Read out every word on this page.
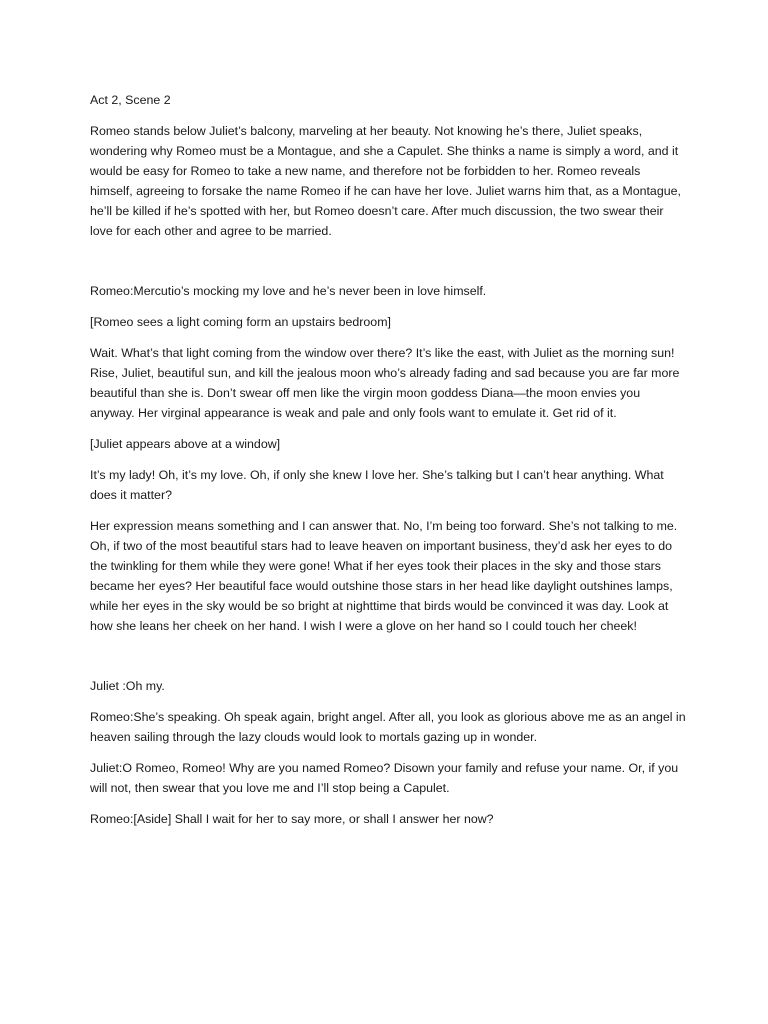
Act 2, Scene 2

Romeo stands below Juliet’s balcony, marveling at her beauty. Not knowing he’s there, Juliet speaks, wondering why Romeo must be a Montague, and she a Capulet. She thinks a name is simply a word, and it would be easy for Romeo to take a new name, and therefore not be forbidden to her. Romeo reveals himself, agreeing to forsake the name Romeo if he can have her love. Juliet warns him that, as a Montague, he’ll be killed if he’s spotted with her, but Romeo doesn’t care. After much discussion, the two swear their love for each other and agree to be married.

Romeo:Mercutio’s mocking my love and he’s never been in love himself.

[Romeo sees a light coming form an upstairs bedroom]

Wait. What’s that light coming from the window over there? It’s like the east, with Juliet as the morning sun! Rise, Juliet, beautiful sun, and kill the jealous moon who’s already fading and sad because you are far more beautiful than she is. Don’t swear off men like the virgin moon goddess Diana—the moon envies you anyway. Her virginal appearance is weak and pale and only fools want to emulate it. Get rid of it.

[Juliet appears above at a window]

It’s my lady! Oh, it’s my love. Oh, if only she knew I love her. She’s talking but I can’t hear anything. What does it matter?

Her expression means something and I can answer that. No, I’m being too forward. She’s not talking to me. Oh, if two of the most beautiful stars had to leave heaven on important business, they’d ask her eyes to do the twinkling for them while they were gone! What if her eyes took their places in the sky and those stars became her eyes? Her beautiful face would outshine those stars in her head like daylight outshines lamps, while her eyes in the sky would be so bright at nighttime that birds would be convinced it was day. Look at how she leans her cheek on her hand. I wish I were a glove on her hand so I could touch her cheek!

Juliet :Oh my.

Romeo:She’s speaking. Oh speak again, bright angel. After all, you look as glorious above me as an angel in heaven sailing through the lazy clouds would look to mortals gazing up in wonder.

Juliet:O Romeo, Romeo! Why are you named Romeo? Disown your family and refuse your name. Or, if you will not, then swear that you love me and I’ll stop being a Capulet.

Romeo:[Aside] Shall I wait for her to say more, or shall I answer her now?
